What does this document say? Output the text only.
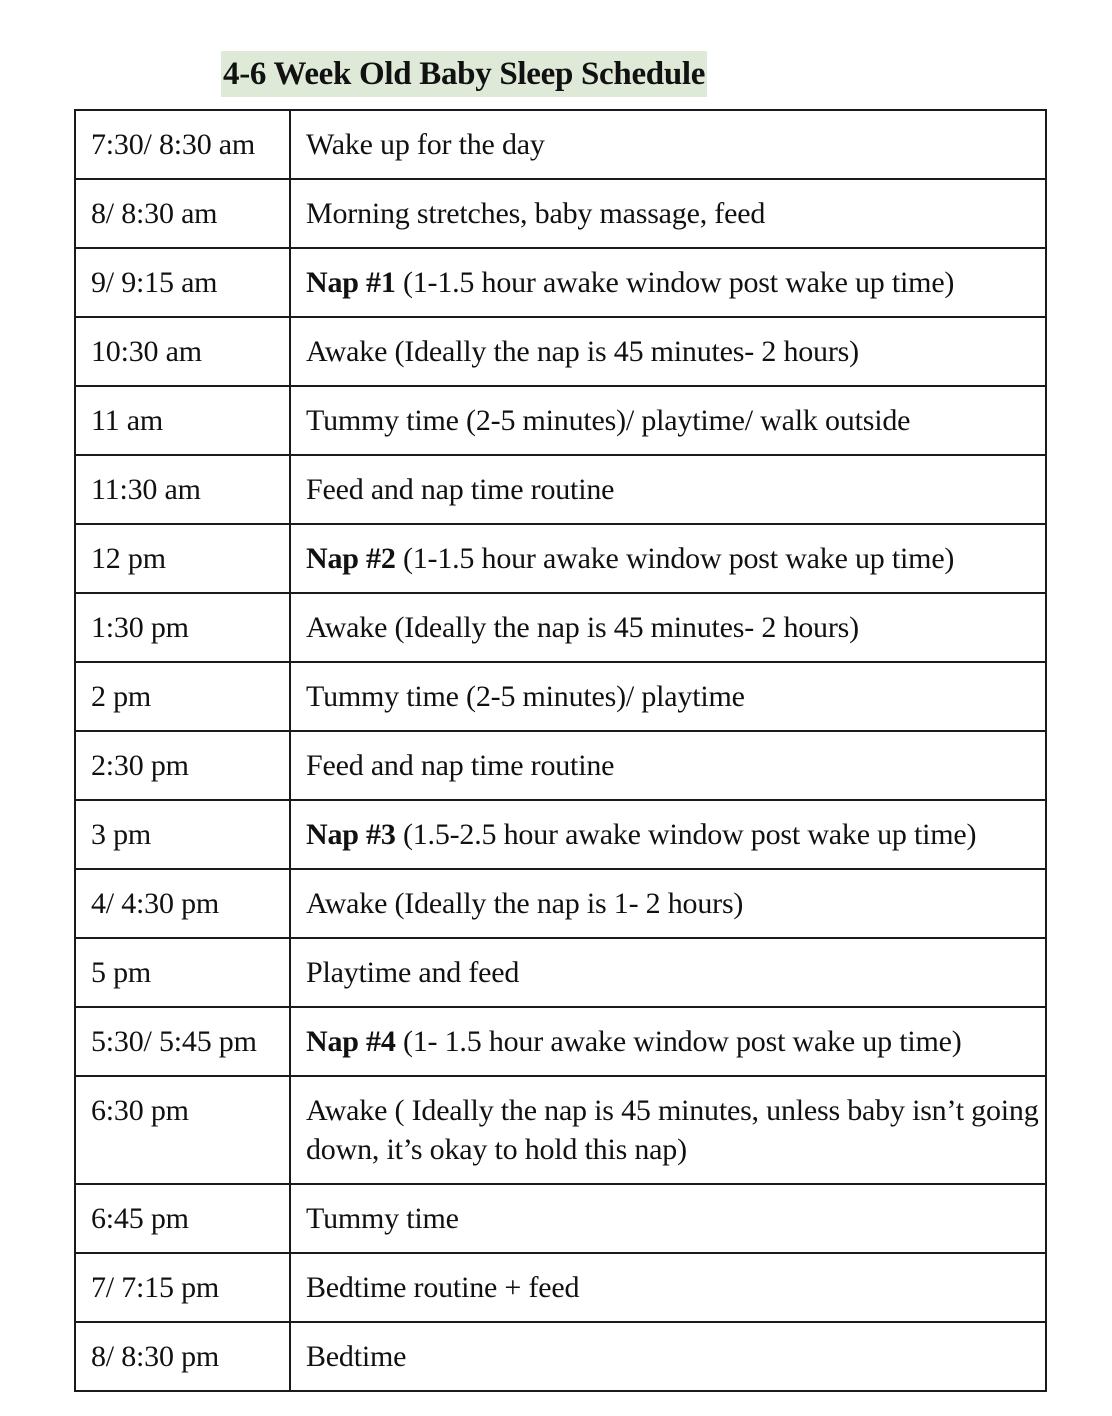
4-6 Week Old Baby Sleep Schedule
7:30/ 8:30 am	Wake up for the day
8/ 8:30 am	Morning stretches, baby massage, feed
9/ 9:15 am	Nap #1 (1-1.5 hour awake window post wake up time)
10:30 am	Awake (Ideally the nap is 45 minutes- 2 hours)
11 am	Tummy time (2-5 minutes)/ playtime/ walk outside
11:30 am	Feed and nap time routine
12 pm	Nap #2 (1-1.5 hour awake window post wake up time)
1:30 pm	Awake (Ideally the nap is 45 minutes- 2 hours)
2 pm	Tummy time (2-5 minutes)/ playtime
2:30 pm	Feed and nap time routine
3 pm	Nap #3 (1.5-2.5 hour awake window post wake up time)
4/ 4:30 pm	Awake (Ideally the nap is 1- 2 hours)
5 pm	Playtime and feed
5:30/ 5:45 pm	Nap #4 (1- 1.5 hour awake window post wake up time)
6:30 pm	Awake ( Ideally the nap is 45 minutes, unless baby isn’t going down, it’s okay to hold this nap)
6:45 pm	Tummy time
7/ 7:15 pm	Bedtime routine + feed
8/ 8:30 pm	Bedtime
